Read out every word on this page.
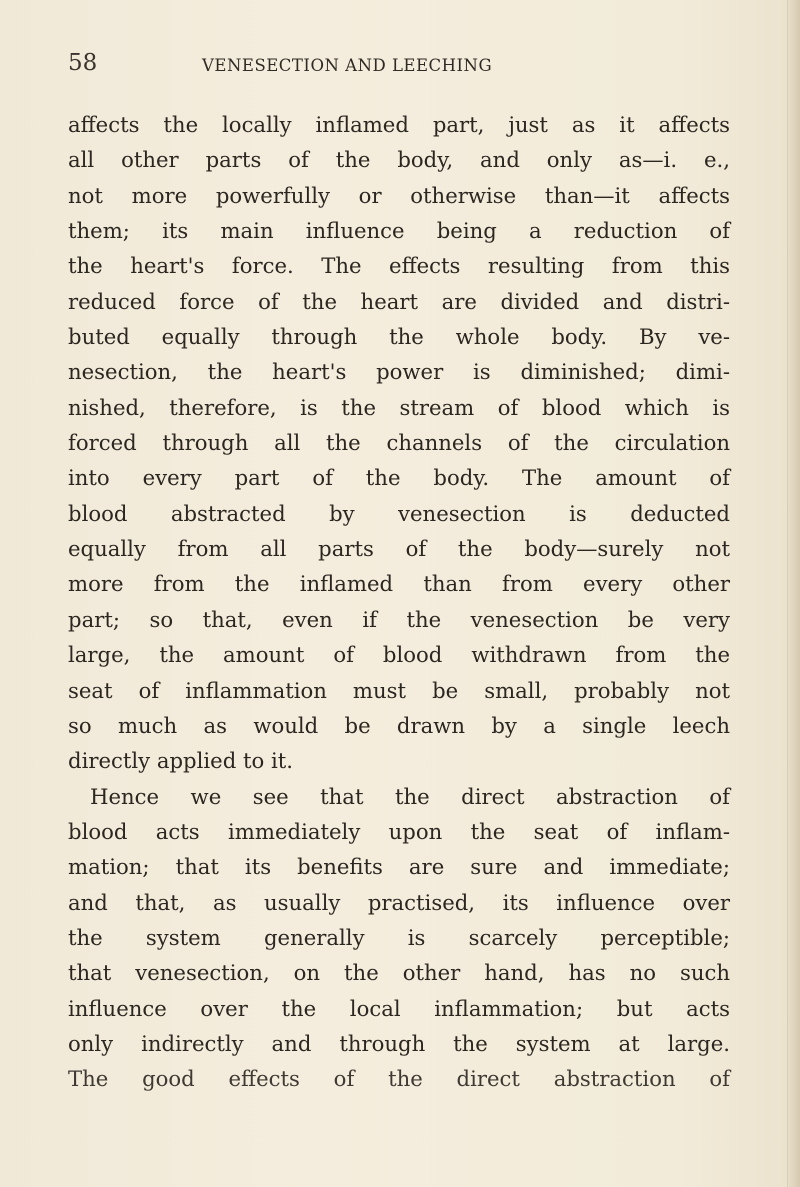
58	VENESECTION AND LEECHING
affects the locally inflamed part, just as it affects
all other parts of the body, and only as—i. e.,
not more powerfully or otherwise than—it affects
them; its main influence being a reduction of
the heart's force. The effects resulting from this
reduced force of the heart are divided and distri-
buted equally through the whole body. By ve-
nesection, the heart's power is diminished; dimi-
nished, therefore, is the stream of blood which is
forced through all the channels of the circulation
into every part of the body. The amount of
blood abstracted by venesection is deducted
equally from all parts of the body—surely not
more from the inflamed than from every other
part; so that, even if the venesection be very
large, the amount of blood withdrawn from the
seat of inflammation must be small, probably not
so much as would be drawn by a single leech
directly applied to it.
Hence we see that the direct abstraction of
blood acts immediately upon the seat of inflam-
mation; that its benefits are sure and immediate;
and that, as usually practised, its influence over
the system generally is scarcely perceptible;
that venesection, on the other hand, has no such
influence over the local inflammation; but acts
only indirectly and through the system at large.
The good effects of the direct abstraction of
